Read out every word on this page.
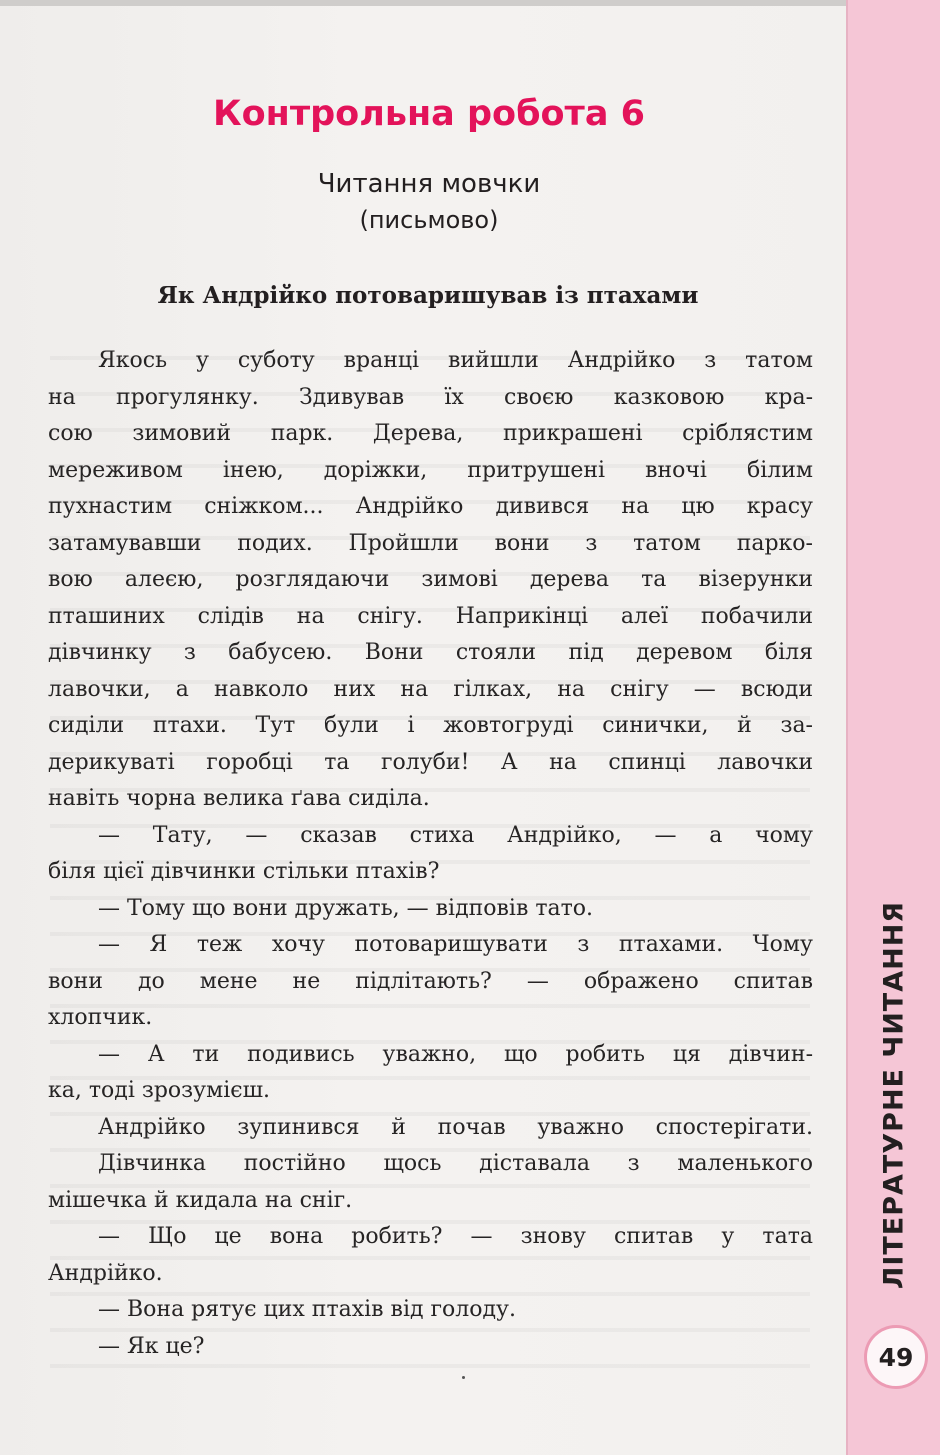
Контрольна робота 6
Читання мовчки
(письмово)
Як Андрійко потоваришував із птахами
Якось у суботу вранці вийшли Андрійко з татом
на прогулянку. Здивував їх своєю казковою кра-
сою зимовий парк. Дерева, прикрашені сріблястим
мереживом інею, доріжки, притрушені вночі білим
пухнастим сніжком... Андрійко дивився на цю красу
затамувавши подих. Пройшли вони з татом парко-
вою алеєю, розглядаючи зимові дерева та візерунки
пташиних слідів на снігу. Наприкінці алеї побачили
дівчинку з бабусею. Вони стояли під деревом біля
лавочки, а навколо них на гілках, на снігу — всюди
сиділи птахи. Тут були і жовтогруді синички, й за-
дерикуваті горобці та голуби! А на спинці лавочки
навіть чорна велика ґава сиділа.
— Тату, — сказав стиха Андрійко, — а чому
біля цієї дівчинки стільки птахів?
— Тому що вони дружать, — відповів тато.
— Я теж хочу потоваришувати з птахами. Чому
вони до мене не підлітають? — ображено спитав
хлопчик.
— А ти подивись уважно, що робить ця дівчин-
ка, тоді зрозумієш.
Андрійко зупинився й почав уважно спостерігати.
Дівчинка постійно щось діставала з маленького
мішечка й кидала на сніг.
— Що це вона робить? — знову спитав у тата
Андрійко.
— Вона рятує цих птахів від голоду.
— Як це?
ЛІТЕРАТУРНЕ ЧИТАННЯ
49
